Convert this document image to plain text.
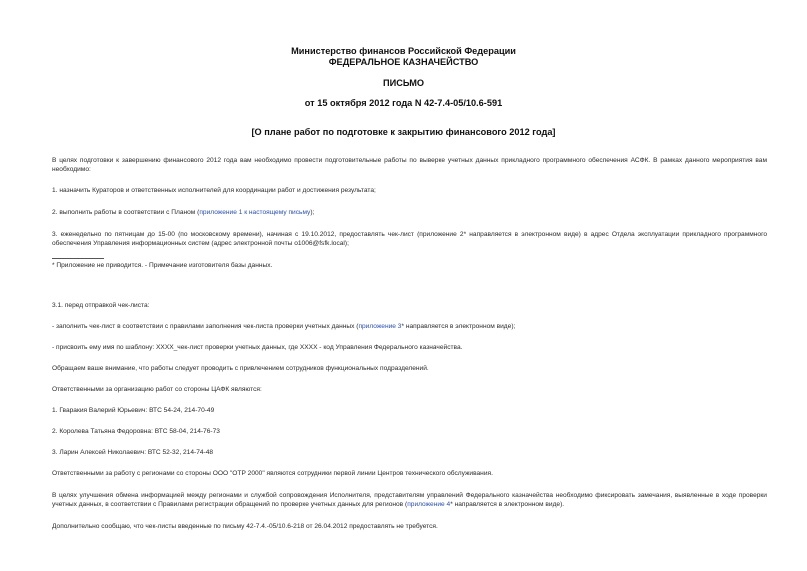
Министерство финансов Российской Федерации
ФЕДЕРАЛЬНОЕ КАЗНАЧЕЙСТВО
ПИСЬМО
от 15 октября 2012 года N 42-7.4-05/10.6-591
[О плане работ по подготовке к закрытию финансового 2012 года]
В целях подготовки к завершению финансового 2012 года вам необходимо провести подготовительные работы по выверке учетных данных прикладного программного обеспечения АСФК. В рамках данного мероприятия вам необходимо:
1. назначить Кураторов и ответственных исполнителей для координации работ и достижения результата;
2. выполнить работы в соответствии с Планом (приложение 1 к настоящему письму);
3. еженедельно по пятницам до 15-00 (по московскому времени), начиная с 19.10.2012, предоставлять чек-лист (приложение 2* направляется в электронном виде) в адрес Отдела эксплуатации прикладного программного обеспечения Управления информационных систем (адрес электронной почты o1006@fsfk.local);
* Приложение не приводится. - Примечание изготовителя базы данных.
3.1. перед отправкой чек-листа:
- заполнить чек-лист в соответствии с правилами заполнения чек-листа проверки учетных данных (приложение 3* направляется в электронном виде);
- присвоить ему имя по шаблону: XXXX_чек-лист проверки учетных данных, где XXXX - код Управления Федерального казначейства.
Обращаем ваше внимание, что работы следует проводить с привлечением сотрудников функциональных подразделений.
Ответственными за организацию работ со стороны ЦАФК являются:
1. Гваракия Валерий Юрьевич: ВТС 54-24, 214-70-49
2. Королева Татьяна Федоровна: ВТС 58-04, 214-76-73
3. Ларин Алексей Николаевич: ВТС 52-32, 214-74-48
Ответственными за работу с регионами со стороны ООО "ОТР 2000" являются сотрудники первой линии Центров технического обслуживания.
В целях улучшения обмена информацией между регионами и службой сопровождения Исполнителя, представителям управлений Федерального казначейства необходимо фиксировать замечания, выявленные в ходе проверки учетных данных, в соответствии с Правилами регистрации обращений по проверке учетных данных для регионов (приложение 4* направляется в электронном виде).
Дополнительно сообщаю, что чек-листы введенные по письму 42-7.4.-05/10.6-218 от 26.04.2012 предоставлять не требуется.
